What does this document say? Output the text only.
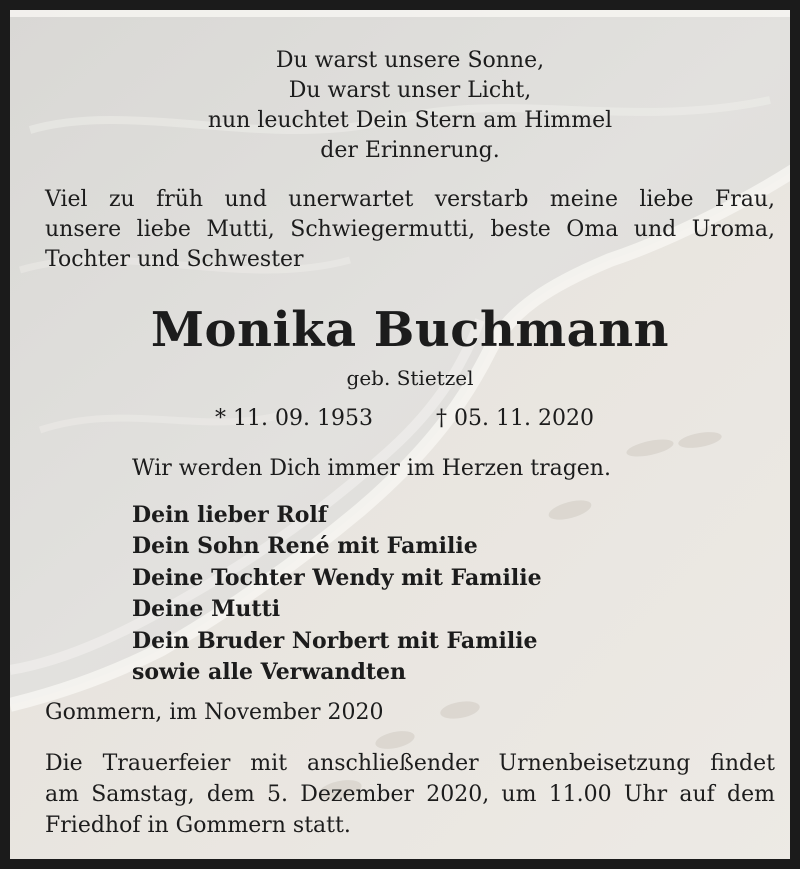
Du warst unsere Sonne,
Du warst unser Licht,
nun leuchtet Dein Stern am Himmel
der Erinnerung.
Viel zu früh und unerwartet verstarb meine liebe Frau,
unsere liebe Mutti, Schwiegermutti, beste Oma und Uroma,
Tochter und Schwester
Monika Buchmann
geb. Stietzel
* 11. 09. 1953	† 05. 11. 2020
Wir werden Dich immer im Herzen tragen.
Dein lieber Rolf
Dein Sohn René mit Familie
Deine Tochter Wendy mit Familie
Deine Mutti
Dein Bruder Norbert mit Familie
sowie alle Verwandten
Gommern, im November 2020
Die Trauerfeier mit anschließender Urnenbeisetzung findet
am Samstag, dem 5. Dezember 2020, um 11.00 Uhr auf dem
Friedhof in Gommern statt.
